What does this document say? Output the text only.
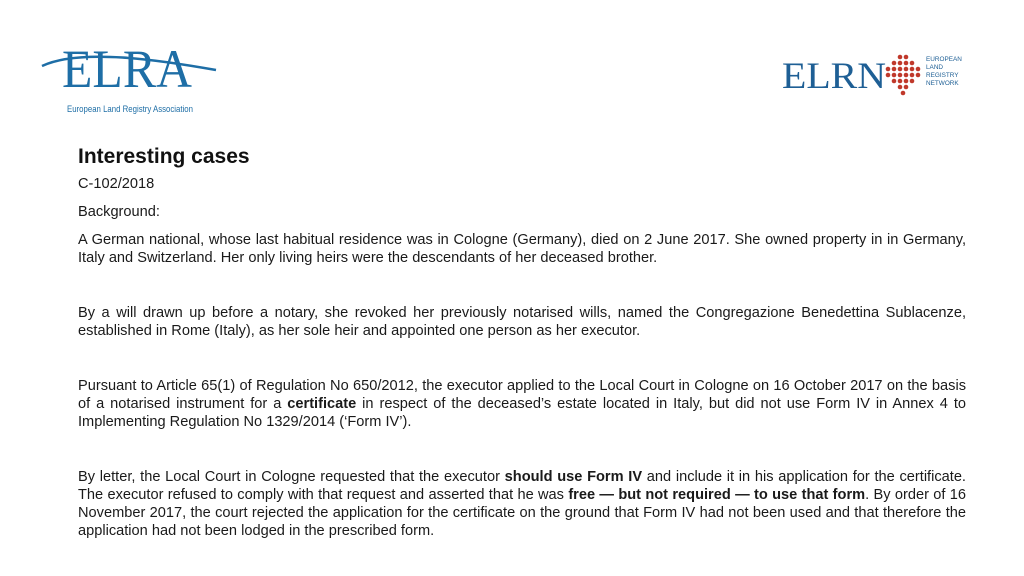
ELRA
European Land Registry Association
ELRN	EUROPEAN
LAND
REGISTRY
NETWORK
Interesting cases
C-102/2018
Background:

A German national, whose last habitual residence was in Cologne (Germany), died on 2 June 2017. She owned property in in Germany, Italy and Switzerland. Her only living heirs were the descendants of her deceased brother.

By a will drawn up before a notary, she revoked her previously notarised wills, named the Congregazione Benedettina Sublacenze, established in Rome (Italy), as her sole heir and appointed one person as her executor.

Pursuant to Article 65(1) of Regulation No 650/2012, the executor applied to the Local Court in Cologne on 16 October 2017 on the basis of a notarised instrument for a certificate in respect of the deceased’s estate located in Italy, but did not use Form IV in Annex 4 to Implementing Regulation No 1329/2014 (‘Form IV’).

By letter, the Local Court in Cologne requested that the executor should use Form IV and include it in his application for the certificate. The executor refused to comply with that request and asserted that he was free — but not required — to use that form. By order of 16 November 2017, the court rejected the application for the certificate on the ground that Form IV had not been used and that therefore the application had not been lodged in the prescribed form.
